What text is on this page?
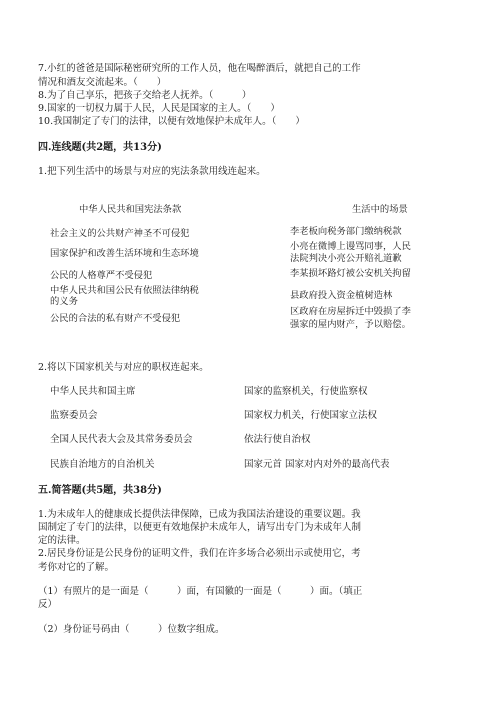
7.小红的爸爸是国际秘密研究所的工作人员，他在喝醉酒后，就把自己的工作
情况和酒友交流起来。（　　）
8.为了自己享乐，把孩子交给老人抚养。（　　　）
9.国家的一切权力属于人民，人民是国家的主人。（　　）
10.我国制定了专门的法律，以便有效地保护未成年人。（　　）
四.连线题(共2题，共13分)
1.把下列生活中的场景与对应的宪法条款用线连起来。
中华人民共和国宪法条款	生活中的场景
社会主义的公共财产神圣不可侵犯
国家保护和改善生活环境和生态环境
公民的人格尊严不受侵犯
中华人民共和国公民有依照法律纳税
的义务
公民的合法的私有财产不受侵犯
李老板向税务部门缴纳税款
小亮在微博上谩骂同事，人民
法院判决小亮公开赔礼道歉
李某损坏路灯被公安机关拘留
县政府投入资金植树造林
区政府在房屋拆迁中毁损了李
强家的屋内财产，予以赔偿。
2.将以下国家机关与对应的职权连起来。
中华人民共和国主席
监察委员会
全国人民代表大会及其常务委员会
民族自治地方的自治机关
国家的监察机关，行使监察权
国家权力机关，行使国家立法权
依法行使自治权
国家元首 国家对内对外的最高代表
五.简答题(共5题，共38分)
1.为未成年人的健康成长提供法律保障，已成为我国法治建设的重要议题。我
国制定了专门的法律，以便更有效地保护未成年人，请写出专门为未成年人制
定的法律。
2.居民身份证是公民身份的证明文件，我们在许多场合必须出示或使用它，考
考你对它的了解。
（1）有照片的是一面是（　　　）面，有国徽的一面是（　　　）面。（填正
反）
（2）身份证号码由（　　　）位数字组成。
